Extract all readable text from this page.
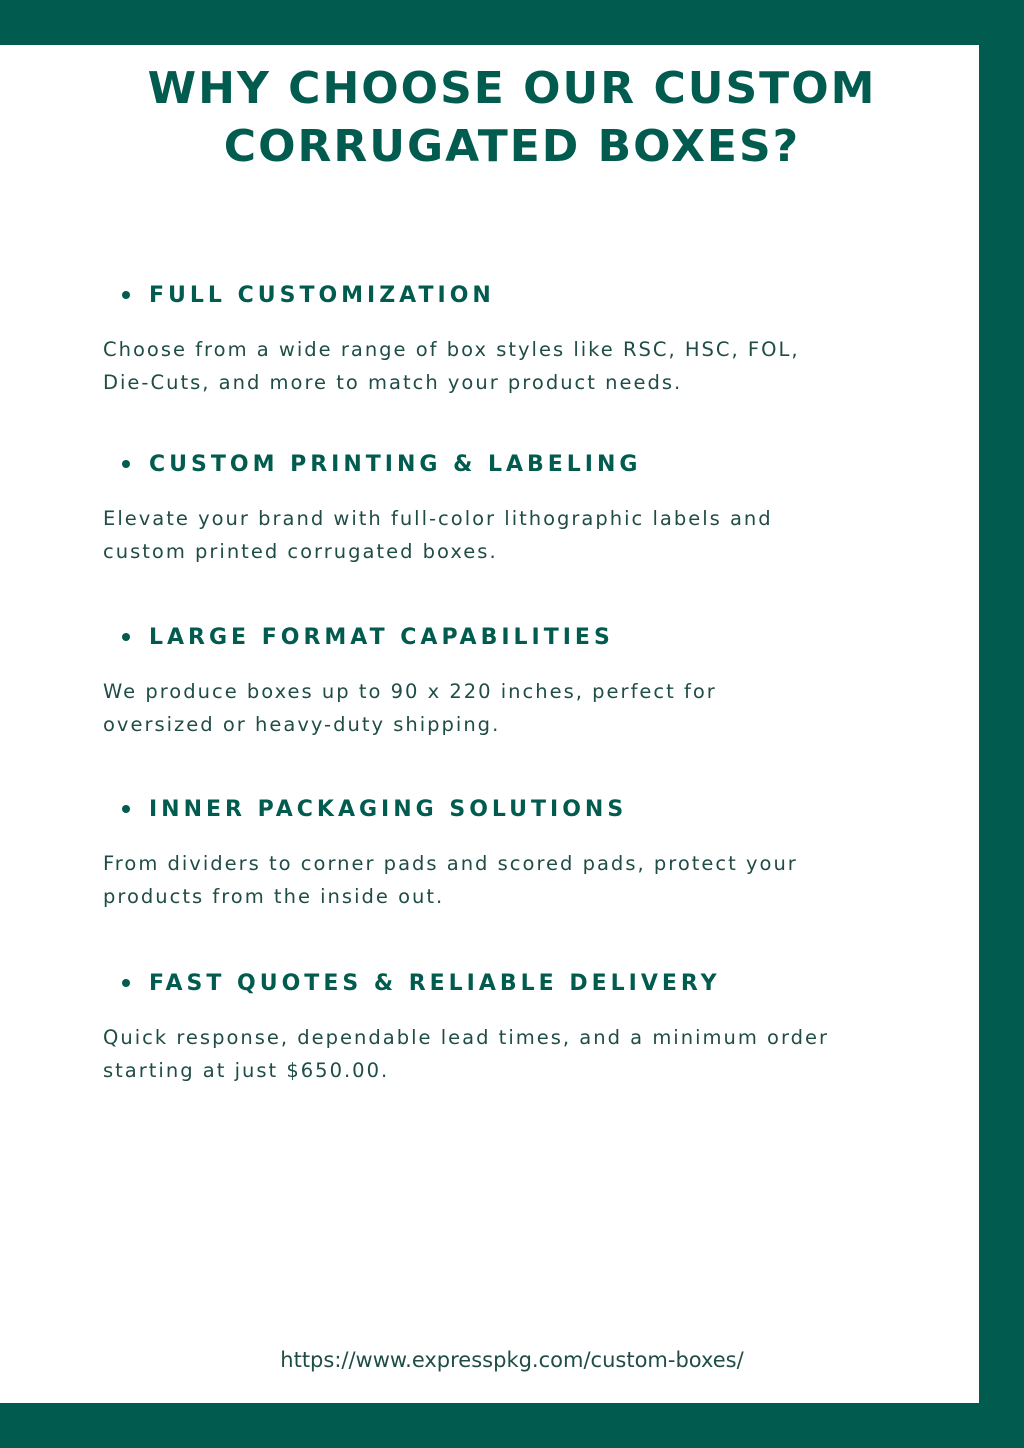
WHY CHOOSE OUR CUSTOM
CORRUGATED BOXES?
FULL CUSTOMIZATION

Choose from a wide range of box styles like RSC, HSC, FOL,
Die-Cuts, and more to match your product needs.

CUSTOM PRINTING & LABELING

Elevate your brand with full-color lithographic labels and
custom printed corrugated boxes.

LARGE FORMAT CAPABILITIES

We produce boxes up to 90 x 220 inches, perfect for
oversized or heavy-duty shipping.

INNER PACKAGING SOLUTIONS

From dividers to corner pads and scored pads, protect your
products from the inside out.

FAST QUOTES & RELIABLE DELIVERY

Quick response, dependable lead times, and a minimum order
starting at just $650.00.

https://www.expresspkg.com/custom-boxes/
